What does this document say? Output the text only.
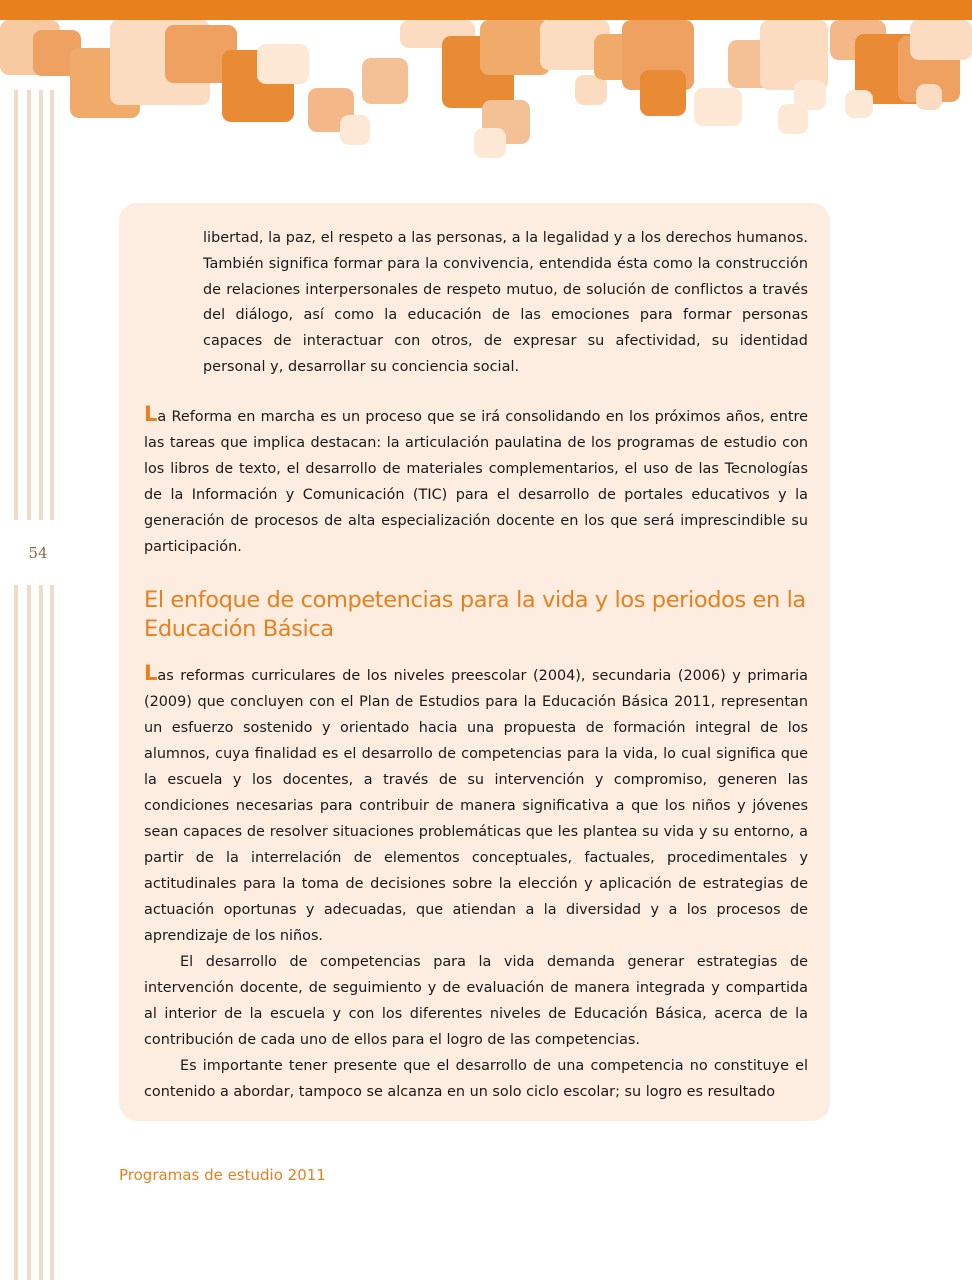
54
libertad, la paz, el respeto a las personas, a la legalidad y a los derechos humanos. También significa formar para la convivencia, entendida ésta como la construcción de relaciones interpersonales de respeto mutuo, de solución de conflictos a través del diálogo, así como la educación de las emociones para formar personas capaces de interactuar con otros, de expresar su afectividad, su identidad personal y, desarrollar su conciencia social.

La Reforma en marcha es un proceso que se irá consolidando en los próximos años, entre las tareas que implica destacan: la articulación paulatina de los programas de estudio con los libros de texto, el desarrollo de materiales complementarios, el uso de las Tecnologías de la Información y Comunicación (TIC) para el desarrollo de portales educativos y la generación de procesos de alta especialización docente en los que será imprescindible su participación.

El enfoque de competencias para la vida y los periodos en la Educación Básica

Las reformas curriculares de los niveles preescolar (2004), secundaria (2006) y primaria (2009) que concluyen con el Plan de Estudios para la Educación Básica 2011, representan un esfuerzo sostenido y orientado hacia una propuesta de formación integral de los alumnos, cuya finalidad es el desarrollo de competencias para la vida, lo cual significa que la escuela y los docentes, a través de su intervención y compromiso, generen las condiciones necesarias para contribuir de manera significativa a que los niños y jóvenes sean capaces de resolver situaciones problemáticas que les plantea su vida y su entorno, a partir de la interrelación de elementos conceptuales, factuales, procedimentales y actitudinales para la toma de decisiones sobre la elección y aplicación de estrategias de actuación oportunas y adecuadas, que atiendan a la diversidad y a los procesos de aprendizaje de los niños.

El desarrollo de competencias para la vida demanda generar estrategias de intervención docente, de seguimiento y de evaluación de manera integrada y compartida al interior de la escuela y con los diferentes niveles de Educación Básica, acerca de la contribución de cada uno de ellos para el logro de las competencias.

Es importante tener presente que el desarrollo de una competencia no constituye el contenido a abordar, tampoco se alcanza en un solo ciclo escolar; su logro es resultado

Programas de estudio 2011
